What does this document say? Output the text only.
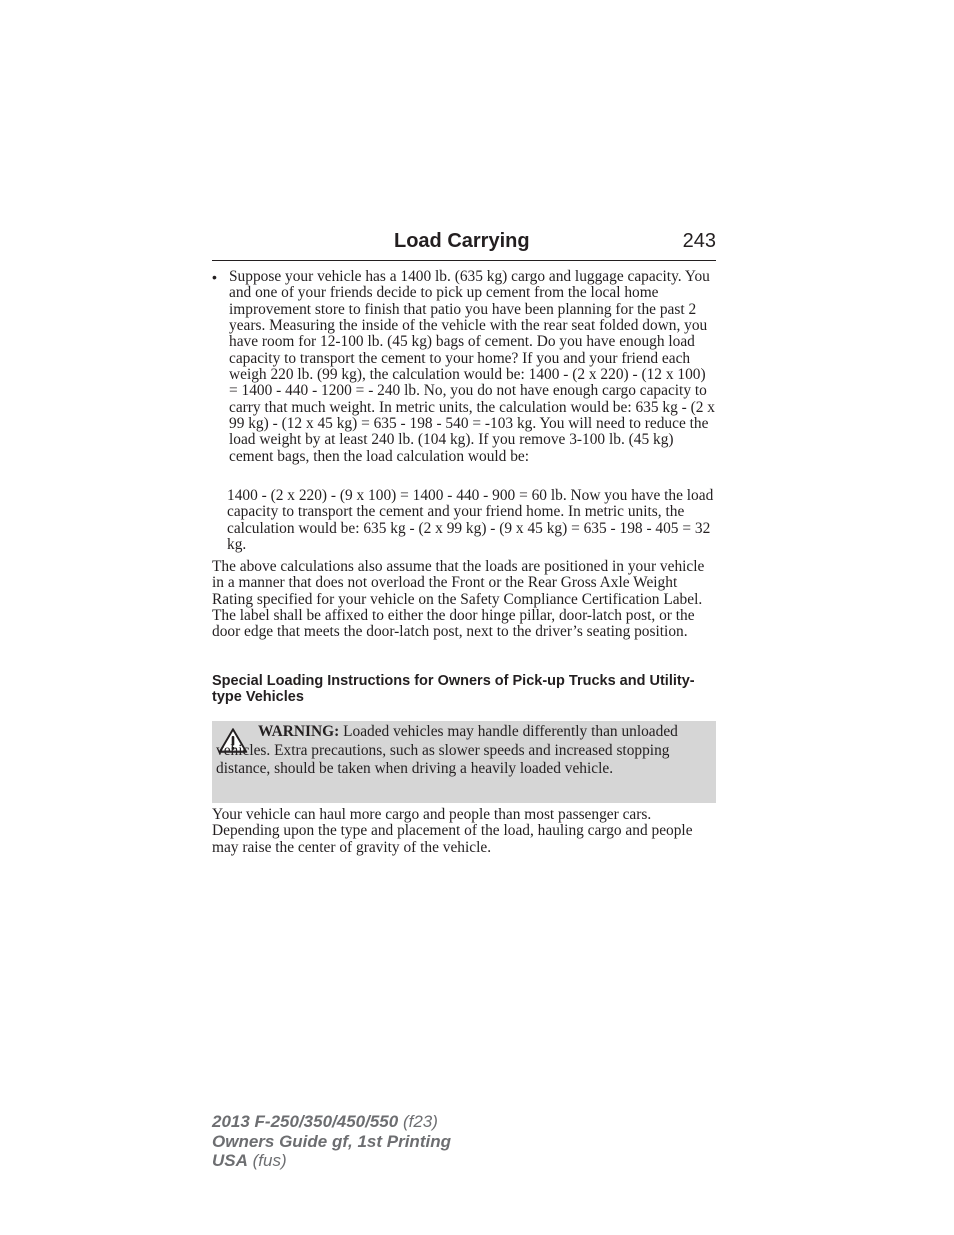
Load Carrying	243
• Suppose your vehicle has a 1400 lb. (635 kg) cargo and luggage capacity. You and one of your friends decide to pick up cement from the local home improvement store to finish that patio you have been planning for the past 2 years. Measuring the inside of the vehicle with the rear seat folded down, you have room for 12-100 lb. (45 kg) bags of cement. Do you have enough load capacity to transport the cement to your home? If you and your friend each weigh 220 lb. (99 kg), the calculation would be: 1400 - (2 x 220) - (12 x 100) = 1400 - 440 - 1200 = - 240 lb. No, you do not have enough cargo capacity to carry that much weight. In metric units, the calculation would be: 635 kg - (2 x 99 kg) - (12 x 45 kg) = 635 - 198 - 540 = -103 kg. You will need to reduce the load weight by at least 240 lb. (104 kg). If you remove 3-100 lb. (45 kg) cement bags, then the load calculation would be:
1400 - (2 x 220) - (9 x 100) = 1400 - 440 - 900 = 60 lb. Now you have the load capacity to transport the cement and your friend home. In metric units, the calculation would be: 635 kg - (2 x 99 kg) - (9 x 45 kg) = 635 - 198 - 405 = 32 kg.
The above calculations also assume that the loads are positioned in your vehicle in a manner that does not overload the Front or the Rear Gross Axle Weight Rating specified for your vehicle on the Safety Compliance Certification Label. The label shall be affixed to either the door hinge pillar, door-latch post, or the door edge that meets the door-latch post, next to the driver’s seating position.
Special Loading Instructions for Owners of Pick-up Trucks and Utility-type Vehicles
WARNING: Loaded vehicles may handle differently than unloaded vehicles. Extra precautions, such as slower speeds and increased stopping distance, should be taken when driving a heavily loaded vehicle.
Your vehicle can haul more cargo and people than most passenger cars. Depending upon the type and placement of the load, hauling cargo and people may raise the center of gravity of the vehicle.
2013 F-250/350/450/550 (f23)
Owners Guide gf, 1st Printing
USA (fus)
